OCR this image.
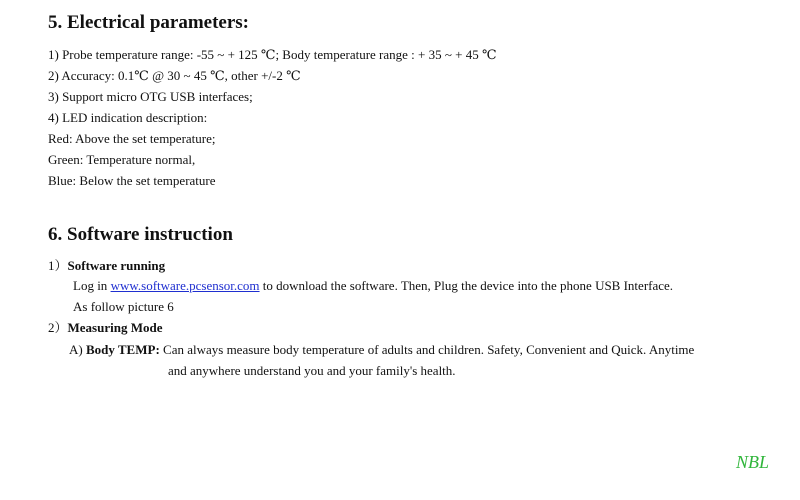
5. Electrical parameters:
1) Probe temperature range: -55 ~ + 125 ℃; Body temperature range : + 35 ~ + 45 ℃
2) Accuracy: 0.1℃ @ 30 ~ 45 ℃, other +/-2 ℃
3) Support micro OTG USB interfaces;
4) LED indication description:
Red: Above the set temperature;
Green: Temperature normal,
Blue: Below the set temperature
6. Software instruction
1）Software running
Log in www.software.pcsensor.com to download the software. Then, Plug the device into the phone USB Interface.
As follow picture 6
2）Measuring Mode
A) Body TEMP: Can always measure body temperature of adults and children. Safety, Convenient and Quick. Anytime
and anywhere understand you and your family's health.
NBL
